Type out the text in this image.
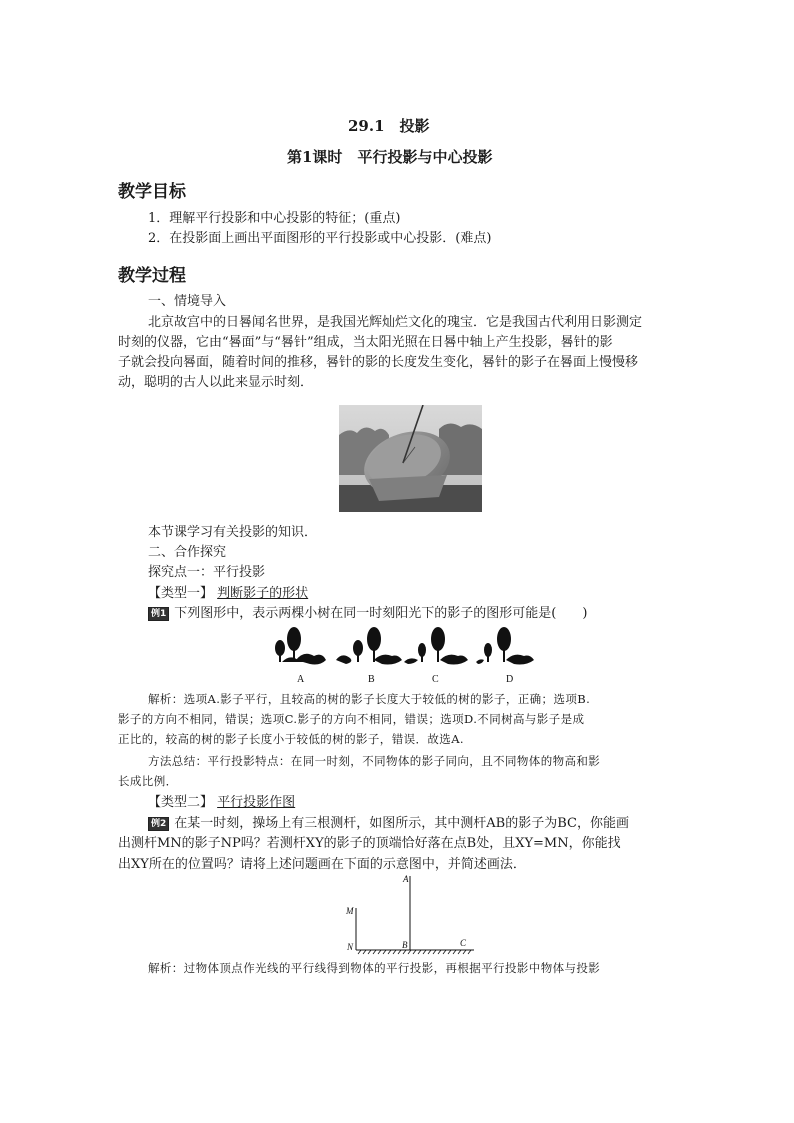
29.1　投影
第1课时　平行投影与中心投影
教学目标
1．理解平行投影和中心投影的特征；(重点)
2．在投影面上画出平面图形的平行投影或中心投影．(难点)
教学过程
一、情境导入
北京故宫中的日晷闻名世界，是我国光辉灿烂文化的瑰宝．它是我国古代利用日影测定
时刻的仪器，它由“晷面”与“晷针”组成，当太阳光照在日晷中轴上产生投影，晷针的影
子就会投向晷面，随着时间的推移，晷针的影的长度发生变化，晷针的影子在晷面上慢慢移
动，聪明的古人以此来显示时刻．
本节课学习有关投影的知识．
二、合作探究
探究点一：平行投影
【类型一】 判断影子的形状
例1 下列图形中，表示两棵小树在同一时刻阳光下的影子的图形可能是(　　)
A	B	C	D
解析：选项A.影子平行，且较高的树的影子长度大于较低的树的影子，正确；选项B.
影子的方向不相同，错误；选项C.影子的方向不相同，错误；选项D.不同树高与影子是成
正比的，较高的树的影子长度小于较低的树的影子，错误．故选A.
方法总结：平行投影特点：在同一时刻，不同物体的影子同向，且不同物体的物高和影
长成比例．
【类型二】 平行投影作图
例2 在某一时刻，操场上有三根测杆，如图所示，其中测杆AB的影子为BC，你能画
出测杆MN的影子NP吗？若测杆XY的影子的顶端恰好落在点B处，且XY=MN，你能找
出XY所在的位置吗？请将上述问题画在下面的示意图中，并简述画法．
A
M
N	B	C
解析：过物体顶点作光线的平行线得到物体的平行投影，再根据平行投影中物体与投影
